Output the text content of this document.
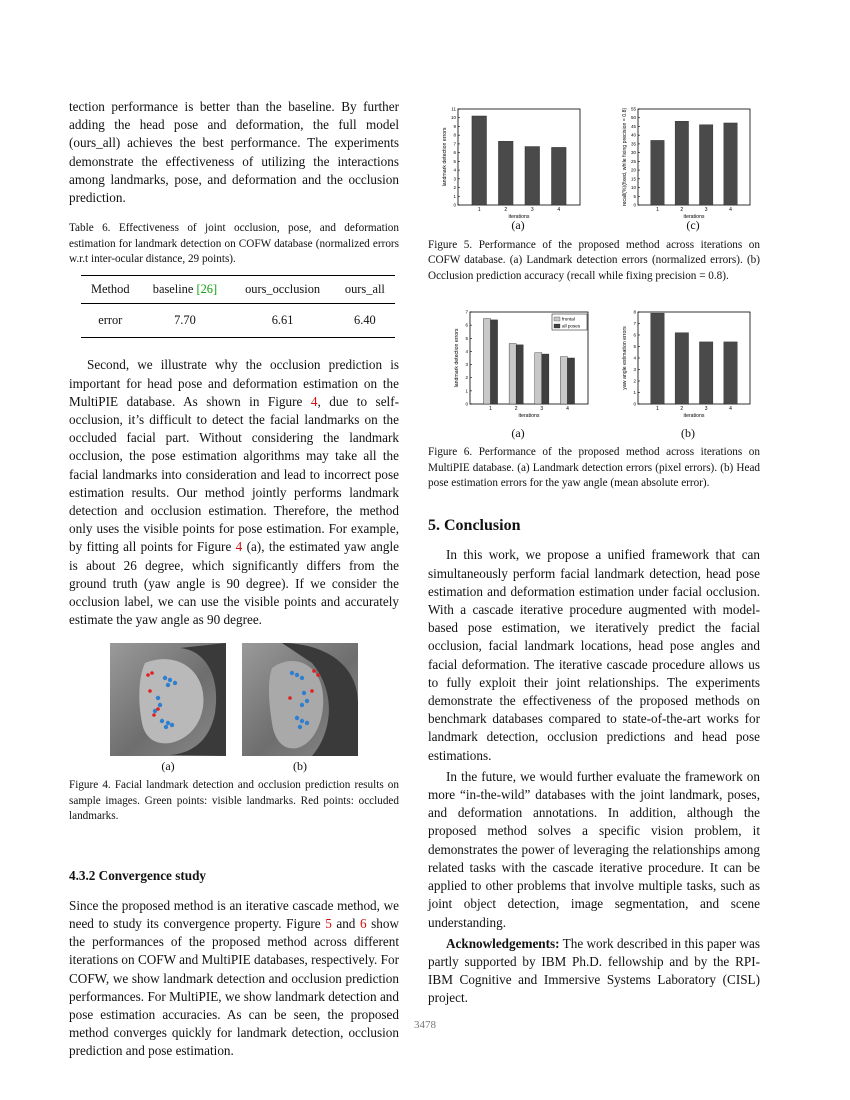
tection performance is better than the baseline. By further adding the head pose and deformation, the full model (ours_all) achieves the best performance. The experiments demonstrate the effectiveness of utilizing the interactions among landmarks, pose, and deformation and the occlusion prediction.

Table 6. Effectiveness of joint occlusion, pose, and deformation estimation for landmark detection on COFW database (normalized errors w.r.t inter-ocular distance, 29 points).

Method	baseline [26]	ours_occlusion	ours_all
error	7.70	6.61	6.40

Second, we illustrate why the occlusion prediction is important for head pose and deformation estimation on the MultiPIE database. As shown in Figure 4, due to self-occlusion, it’s difficult to detect the facial landmarks on the occluded facial part. Without considering the landmark occlusion, the pose estimation algorithms may take all the facial landmarks into consideration and lead to incorrect pose estimation results. Our method jointly performs landmark detection and occlusion estimation. Therefore, the method only uses the visible points for pose estimation. For example, by fitting all points for Figure 4 (a), the estimated yaw angle is about 26 degree, which significantly differs from the ground truth (yaw angle is 90 degree). If we consider the occlusion label, we can use the visible points and accurately estimate the yaw angle as 90 degree.

(a)	(b)

Figure 4. Facial landmark detection and occlusion prediction results on sample images. Green points: visible landmarks. Red points: occluded landmarks.

4.3.2 Convergence study

Since the proposed method is an iterative cascade method, we need to study its convergence property. Figure 5 and 6 show the performances of the proposed method across different iterations on COFW and MultiPIE databases, respectively. For COFW, we show landmark detection and occlusion prediction performances. For MultiPIE, we show landmark detection and pose estimation accuracies. As can be seen, the proposed method converges quickly for landmark detection, occlusion prediction and pose estimation.

0
1
2
3
4
5
6
7
8
9
10
11
1	2	3	4
iterations
landmark detection errors
0
5
10
15
20
25
30
35
40
45
50
55
1	2	3	4
iterations
recall(%)(fixed, while fixing precision = 0.8)
(a)	(c)

Figure 5. Performance of the proposed method across iterations on COFW database. (a) Landmark detection errors (normalized errors). (b) Occlusion prediction accuracy (recall while fixing precision = 0.8).

0
1
2
3
4
5
6
7
1	2	3	4
iterations
landmark detection errors
frontal
all poses
0
1
2
3
4
5
6
7
8
1	2	3	4
iterations
yaw angle estimation errors
(a)	(b)

Figure 6. Performance of the proposed method across iterations on MultiPIE database. (a) Landmark detection errors (pixel errors). (b) Head pose estimation errors for the yaw angle (mean absolute error).

5. Conclusion

In this work, we propose a unified framework that can simultaneously perform facial landmark detection, head pose estimation and deformation estimation under facial occlusion. With a cascade iterative procedure augmented with model-based pose estimation, we iteratively predict the facial occlusion, facial landmark locations, head pose angles and facial deformation. The iterative cascade procedure allows us to fully exploit their joint relationships. The experiments demonstrate the effectiveness of the proposed methods on benchmark databases compared to state-of-the-art works for landmark detection, occlusion predictions and head pose estimations.

In the future, we would further evaluate the framework on more “in-the-wild” databases with the joint landmark, poses, and deformation annotations. In addition, although the proposed method solves a specific vision problem, it demonstrates the power of leveraging the relationships among related tasks with the cascade iterative procedure. It can be applied to other problems that involve multiple tasks, such as joint object detection, image segmentation, and scene understanding.

Acknowledgements: The work described in this paper was partly supported by IBM Ph.D. fellowship and by the RPI-IBM Cognitive and Immersive Systems Laboratory (CISL) project.

3478
